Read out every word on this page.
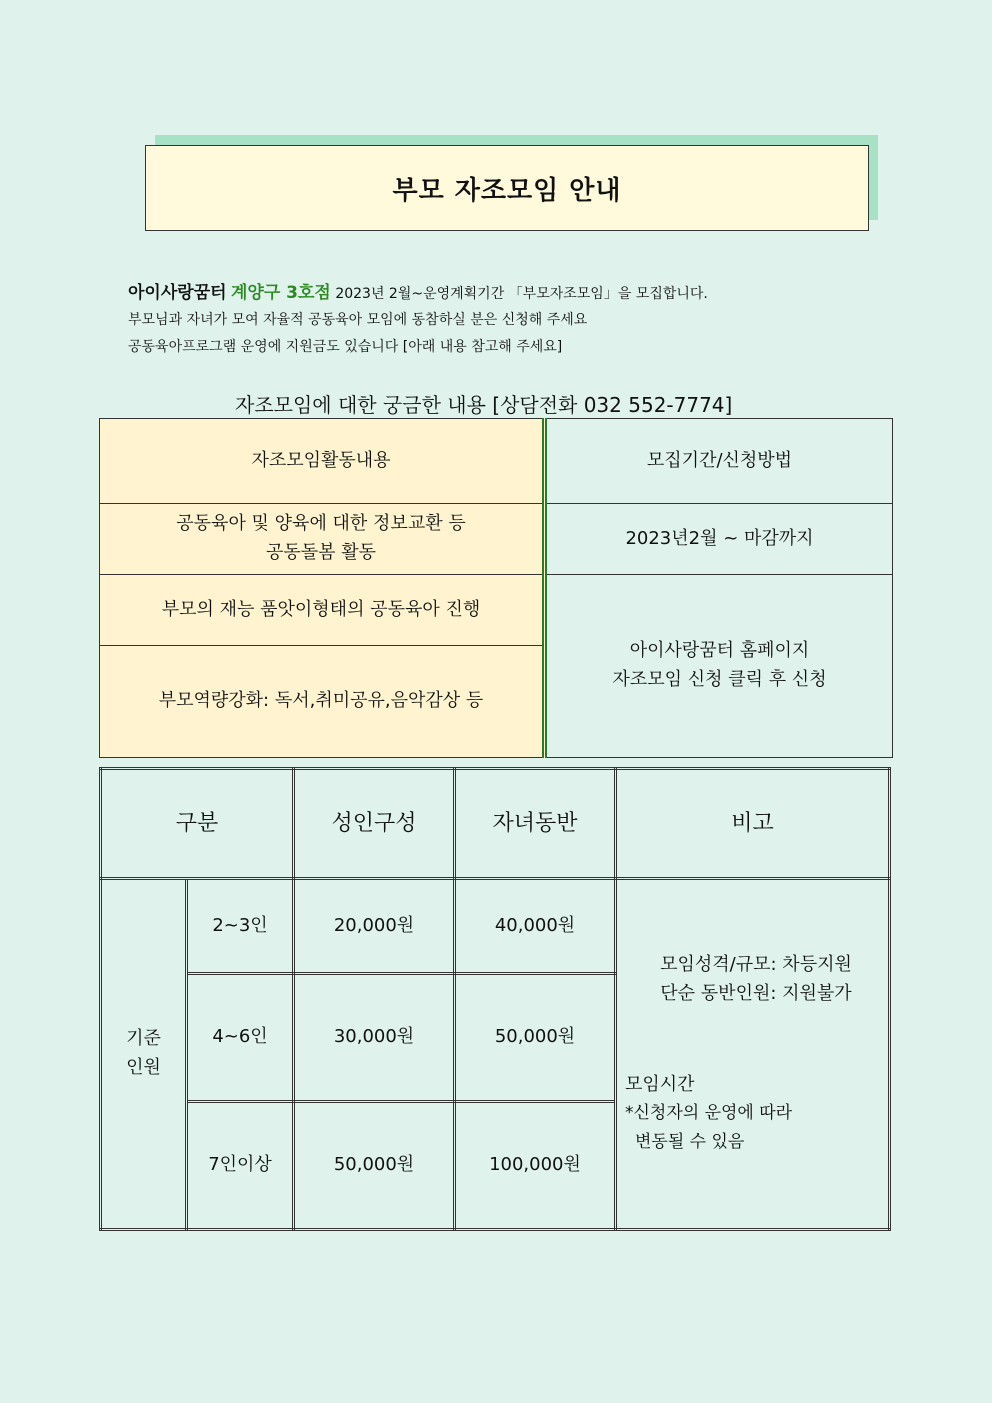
부모 자조모임 안내
아이사랑꿈터 계양구 3호점 2023년 2월~운영계획기간 「부모자조모임」을 모집합니다.
부모님과 자녀가 모여 자율적 공동육아 모임에 동참하실 분은 신청해 주세요
공동육아프로그램 운영에 지원금도 있습니다 [아래 내용 참고해 주세요]
자조모임에 대한 궁금한 내용 [상담전화 032 552-7774]
자조모임활동내용	모집기간/신청방법
공동육아 및 양육에 대한 정보교환 등
공동돌봄 활동	2023년2월 ~ 마감까지
부모의 재능 품앗이형태의 공동육아 진행	아이사랑꿈터 홈페이지
자조모임 신청 클릭 후 신청
부모역량강화: 독서,취미공유,음악감상 등	
구분		성인구성	자녀동반	비고
기준
인원	2~3인	20,000원	40,000원	모임성격/규모: 차등지원
단순 동반인원: 지원불가
모임시간
*신청자의 운영에 따라
변동될 수 있음
	4~6인	30,000원	50,000원	
	7인이상	50,000원	100,000원	
